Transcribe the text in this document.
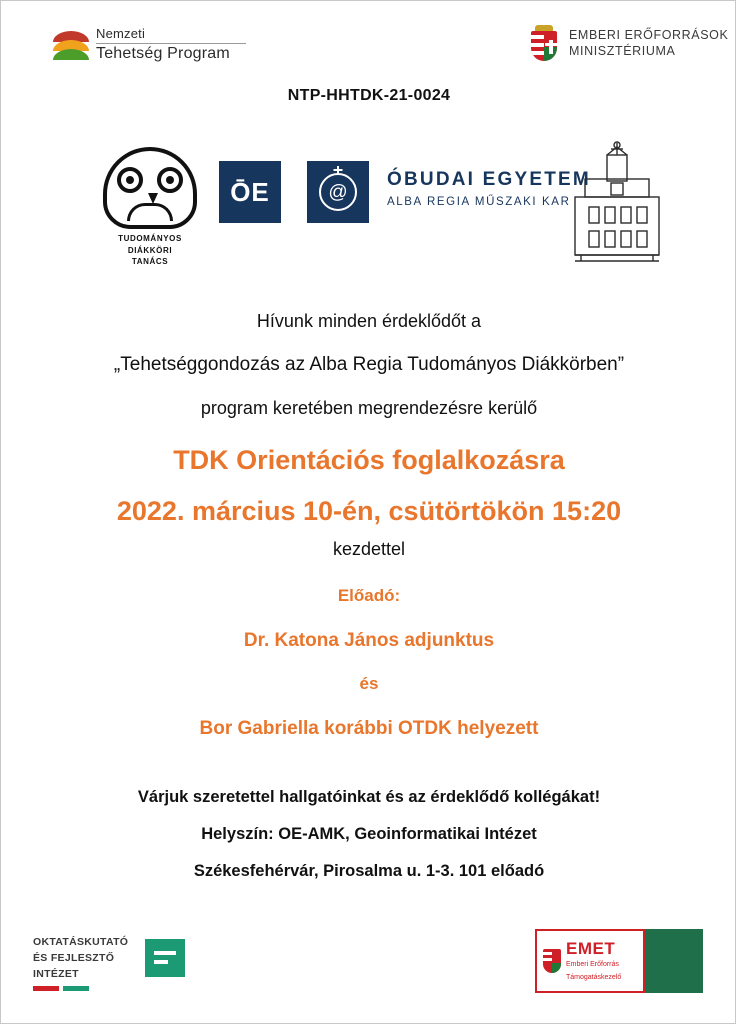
Nemzeti
Tehetség Program
EMBERI ERŐFORRÁSOK
MINISZTÉRIUMA
NTP-HHTDK-21-0024
TUDOMÁNYOS
DIÁKKÖRI
TANÁCS
ŌE	@
ÓBUDAI EGYETEM
ALBA REGIA MŰSZAKI KAR

Hívunk minden érdeklődőt a

„Tehetséggondozás az Alba Regia Tudományos Diákkörben”

program keretében megrendezésre kerülő

TDK Orientációs foglalkozásra

2022. március 10-én, csütörtökön 15:20

kezdettel

Előadó:

Dr. Katona János adjunktus

és

Bor Gabriella korábbi OTDK helyezett

Várjuk szeretettel hallgatóinkat és az érdeklődő kollégákat!

Helyszín: OE-AMK, Geoinformatikai Intézet

Székesfehérvár, Pirosalma u. 1-3. 101 előadó

OKTATÁSKUTATÓ
ÉS FEJLESZTŐ
INTÉZET
EMET
Emberi Erőforrás
Támogatáskezelő
